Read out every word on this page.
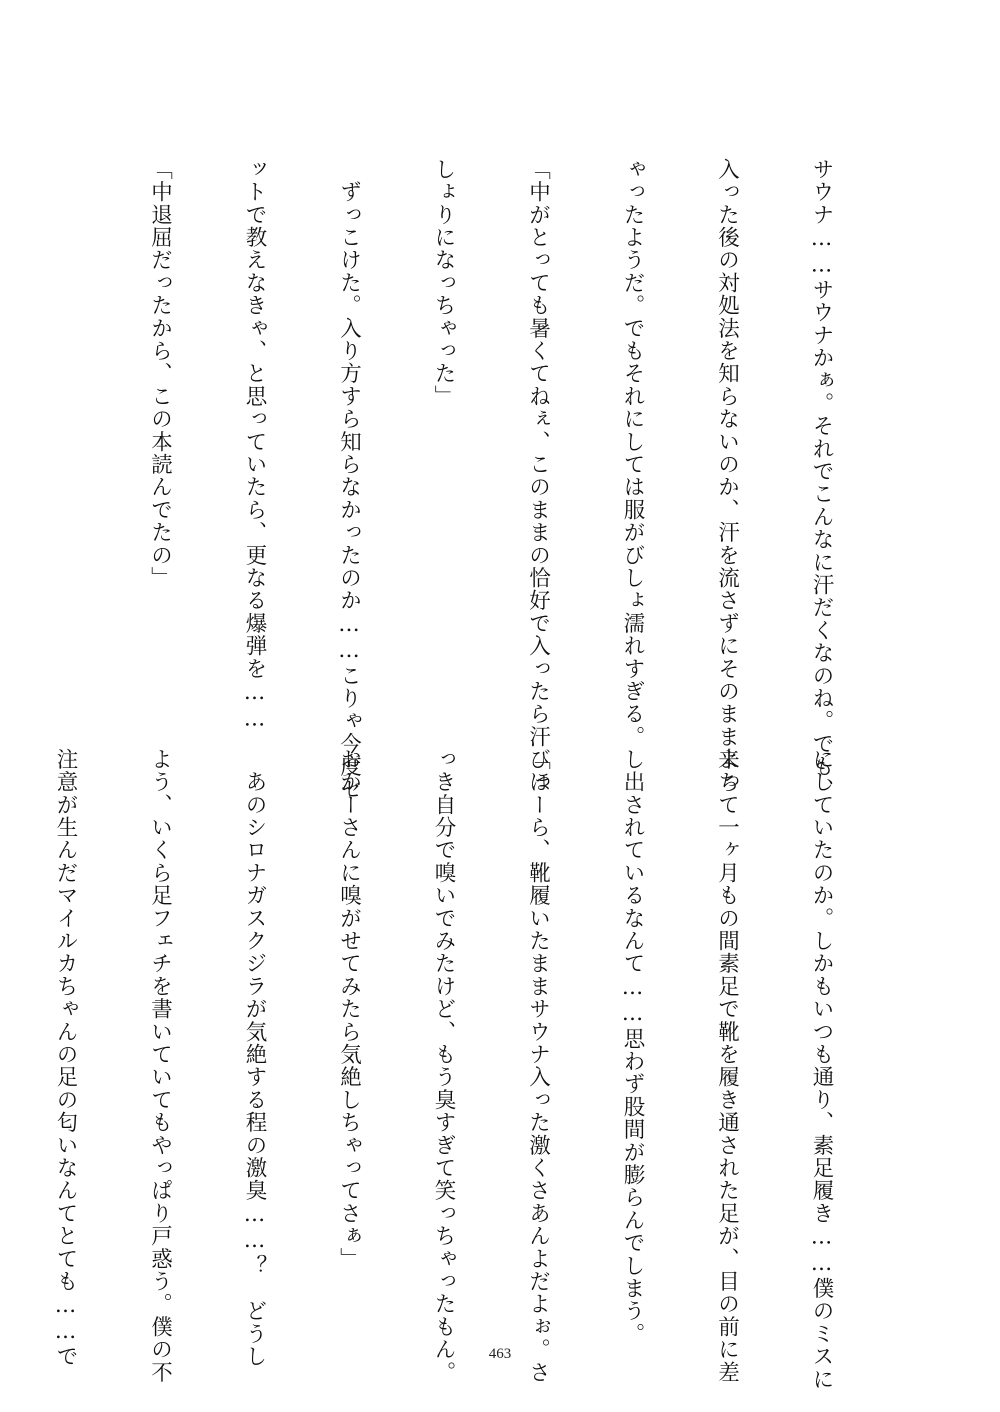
サウナ……サウナかぁ。それでこんなに汗だくなのね。でも、

入った後の対処法を知らないのか、汗を流さずにそのまま来ち

ゃったようだ。でもそれにしては服がびしょ濡れすぎる。

「中がとっても暑くてねぇ、このままの恰好で入ったら汗びっ

しょりになっちゃった」

　ずっこけた。入り方すら知らなかったのか……こりゃ今度セ

ットで教えなきゃ、と思っていたら、更なる爆弾を……

「中退屈だったから、この本読んでたの」

にしていたのか。しかもいつも通り、素足履き……僕のミスに

よって一ヶ月もの間素足で靴を履き通された足が、目の前に差

し出されているなんて……思わず股間が膨らんでしまう。

「ほーら、靴履いたままサウナ入った激くさあんよだよぉ。さ

っき自分で嗅いでみたけど、もう臭すぎて笑っちゃったもん。

おかーさんに嗅がせてみたら気絶しちゃってさぁ」

　あのシロナガスクジラが気絶する程の激臭……？　どうし

よう、いくら足フェチを書いていてもやっぱり戸惑う。僕の不

注意が生んだマイルカちゃんの足の匂いなんてとても……で

	463
